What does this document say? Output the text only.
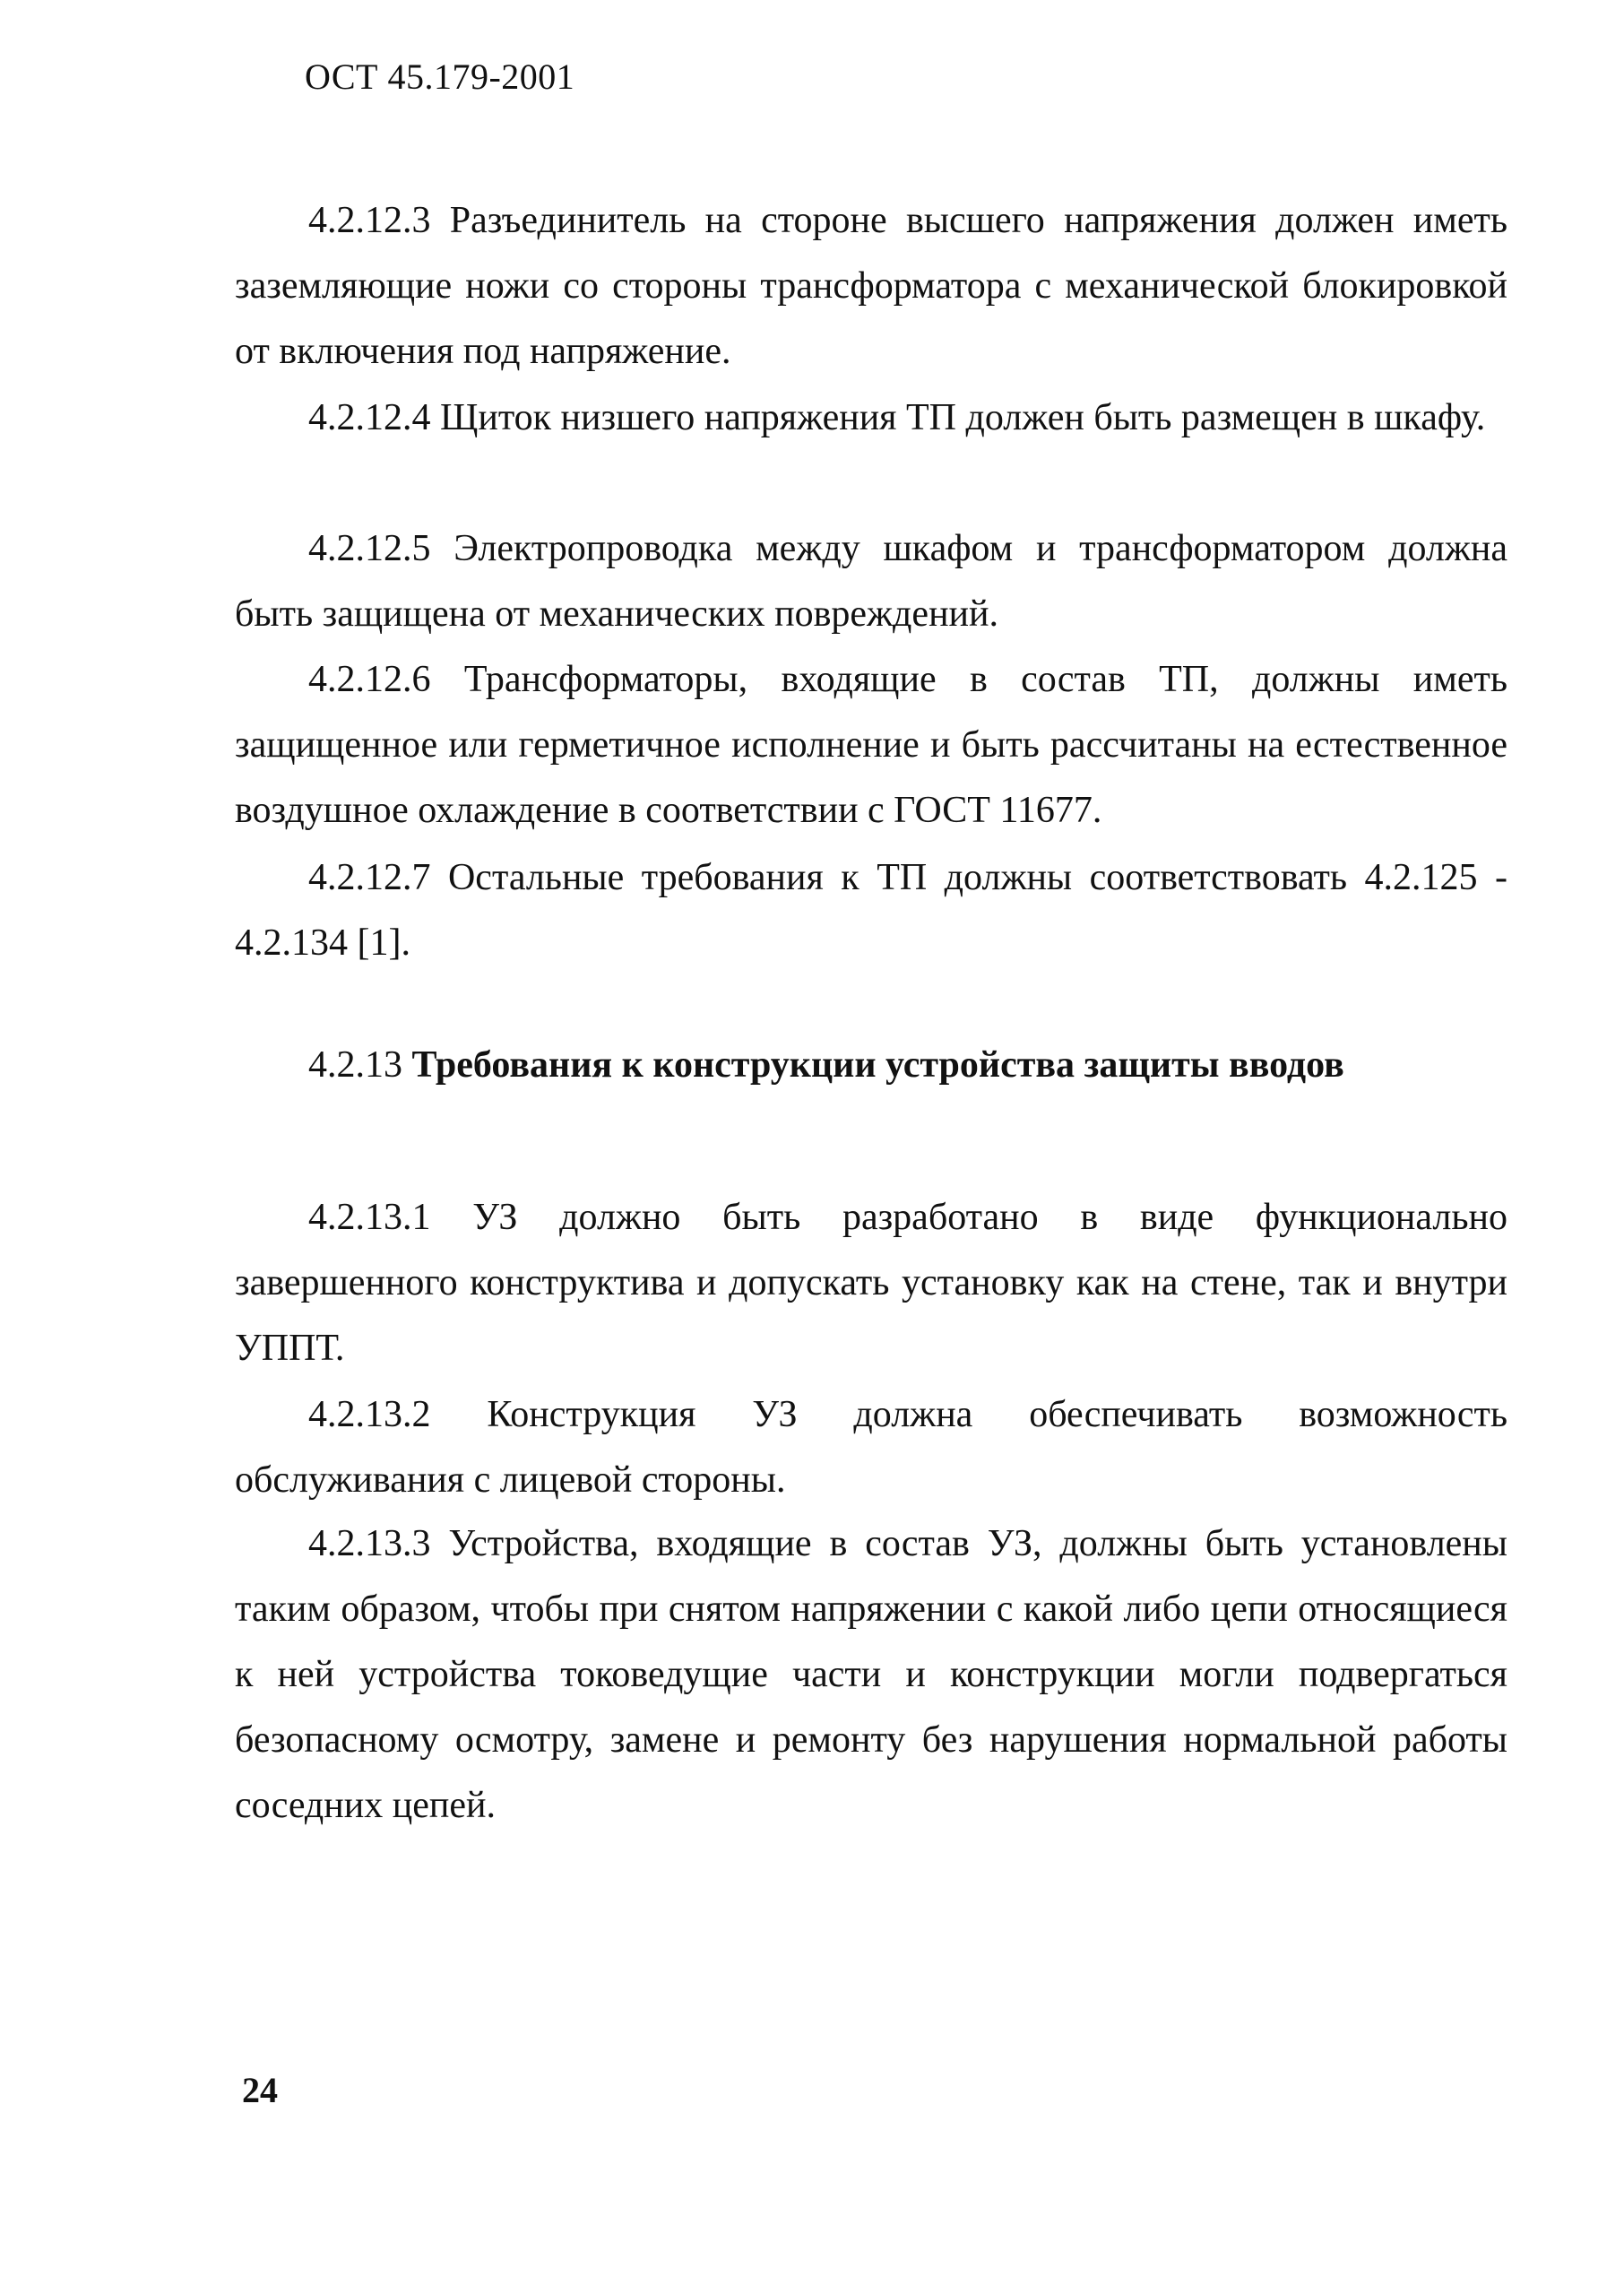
ОСТ 45.179-2001

4.2.12.3 Разъединитель на стороне высшего напряжения должен иметь заземляющие ножи со стороны трансформатора с механической блокировкой от включения под напряжение.

4.2.12.4 Щиток низшего напряжения ТП должен быть размещен в шкафу.

4.2.12.5 Электропроводка между шкафом и трансформатором должна быть защищена от механических повреждений.

4.2.12.6 Трансформаторы, входящие в состав ТП, должны иметь защищенное или герметичное исполнение и быть рассчитаны на естественное воздушное охлаждение в соответствии с ГОСТ 11677.

4.2.12.7 Остальные требования к ТП должны соответствовать 4.2.125 - 4.2.134 [1].

4.2.13 Требования к конструкции устройства защиты вводов

4.2.13.1 УЗ должно быть разработано в виде функционально завершенного конструктива и допускать установку как на стене, так и внутри УППТ.

4.2.13.2 Конструкция УЗ должна обеспечивать возможность обслуживания с лицевой стороны.

4.2.13.3 Устройства, входящие в состав УЗ, должны быть установлены таким образом, чтобы при снятом напряжении с какой либо цепи относящиеся к ней устройства токоведущие части и конструкции могли подвергаться безопасному осмотру, замене и ремонту без нарушения нормальной работы соседних цепей.

24
